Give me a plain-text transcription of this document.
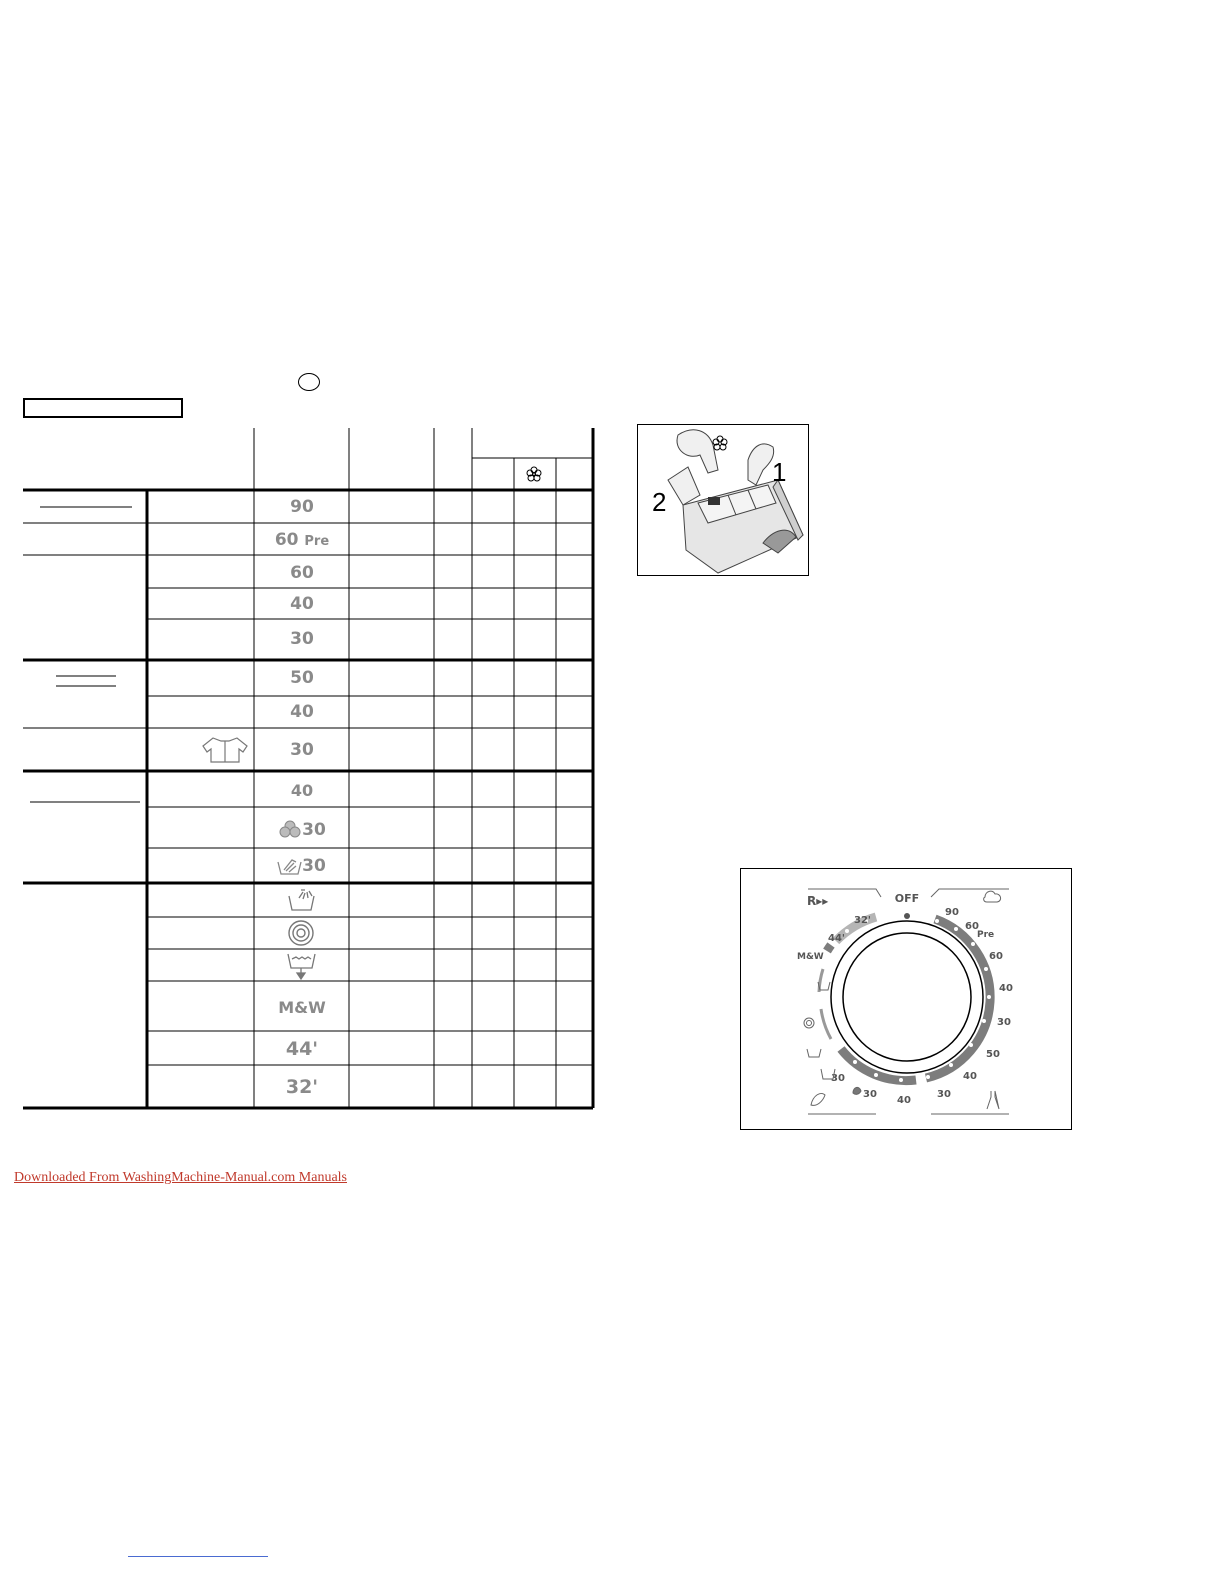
90
60 Pre
60
40
30
50
40
30
40
30
30
M&W
44'
32'
1
2
OFF
90
60
Pre
60
40
30
50
40
30
32'
44'
M&W
30
30
40
R▸▸
Downloaded From WashingMachine-Manual.com Manuals
